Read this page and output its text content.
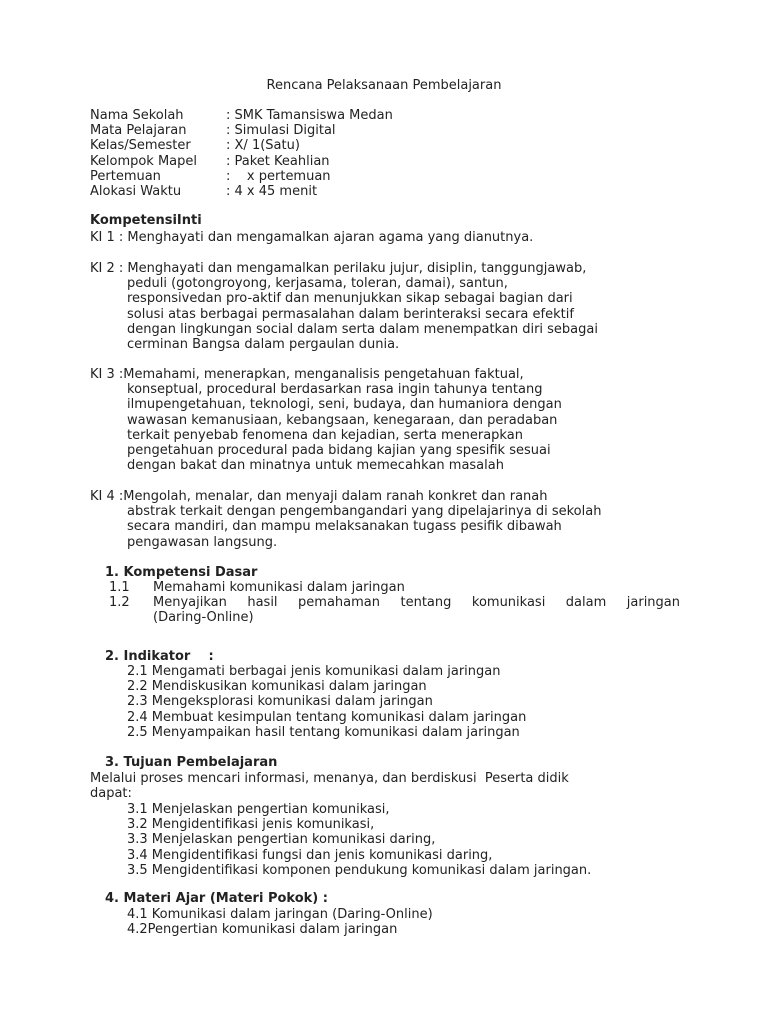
Rencana Pelaksanaan Pembelajaran
Nama Sekolah	: SMK Tamansiswa Medan
Mata Pelajaran	: Simulasi Digital
Kelas/Semester	: X/ 1(Satu)
Kelompok Mapel : Paket Keahlian
Pertemuan	:    x pertemuan
Alokasi Waktu	: 4 x 45 menit
KompetensiInti
KI 1 : Menghayati dan mengamalkan ajaran agama yang dianutnya.
KI 2 : Menghayati dan mengamalkan perilaku jujur, disiplin, tanggungjawab,
peduli (gotongroyong, kerjasama, toleran, damai), santun,
responsivedan pro-aktif dan menunjukkan sikap sebagai bagian dari
solusi atas berbagai permasalahan dalam berinteraksi secara efektif
dengan lingkungan social dalam serta dalam menempatkan diri sebagai
cerminan Bangsa dalam pergaulan dunia.
KI 3 :Memahami, menerapkan, menganalisis pengetahuan faktual,
konseptual, procedural berdasarkan rasa ingin tahunya tentang
ilmupengetahuan, teknologi, seni, budaya, dan humaniora dengan
wawasan kemanusiaan, kebangsaan, kenegaraan, dan peradaban
terkait penyebab fenomena dan kejadian, serta menerapkan
pengetahuan procedural pada bidang kajian yang spesifik sesuai
dengan bakat dan minatnya untuk memecahkan masalah
KI 4 :Mengolah, menalar, dan menyaji dalam ranah konkret dan ranah
abstrak terkait dengan pengembangandari yang dipelajarinya di sekolah
secara mandiri, dan mampu melaksanakan tugass pesifik dibawah
pengawasan langsung.
1. Kompetensi Dasar
1.1 Memahami komunikasi dalam jaringan
1.2 Menyajikan hasil pemahaman tentang komunikasi dalam jaringan
(Daring-Online)
2. Indikator    :
2.1 Mengamati berbagai jenis komunikasi dalam jaringan
2.2 Mendiskusikan komunikasi dalam jaringan
2.3 Mengeksplorasi komunikasi dalam jaringan
2.4 Membuat kesimpulan tentang komunikasi dalam jaringan
2.5 Menyampaikan hasil tentang komunikasi dalam jaringan
3. Tujuan Pembelajaran
Melalui proses mencari informasi, menanya, dan berdiskusi  Peserta didik
dapat:
3.1 Menjelaskan pengertian komunikasi,
3.2 Mengidentifikasi jenis komunikasi,
3.3 Menjelaskan pengertian komunikasi daring,
3.4 Mengidentifikasi fungsi dan jenis komunikasi daring,
3.5 Mengidentifikasi komponen pendukung komunikasi dalam jaringan.
4. Materi Ajar (Materi Pokok) :
4.1 Komunikasi dalam jaringan (Daring-Online)
4.2Pengertian komunikasi dalam jaringan
